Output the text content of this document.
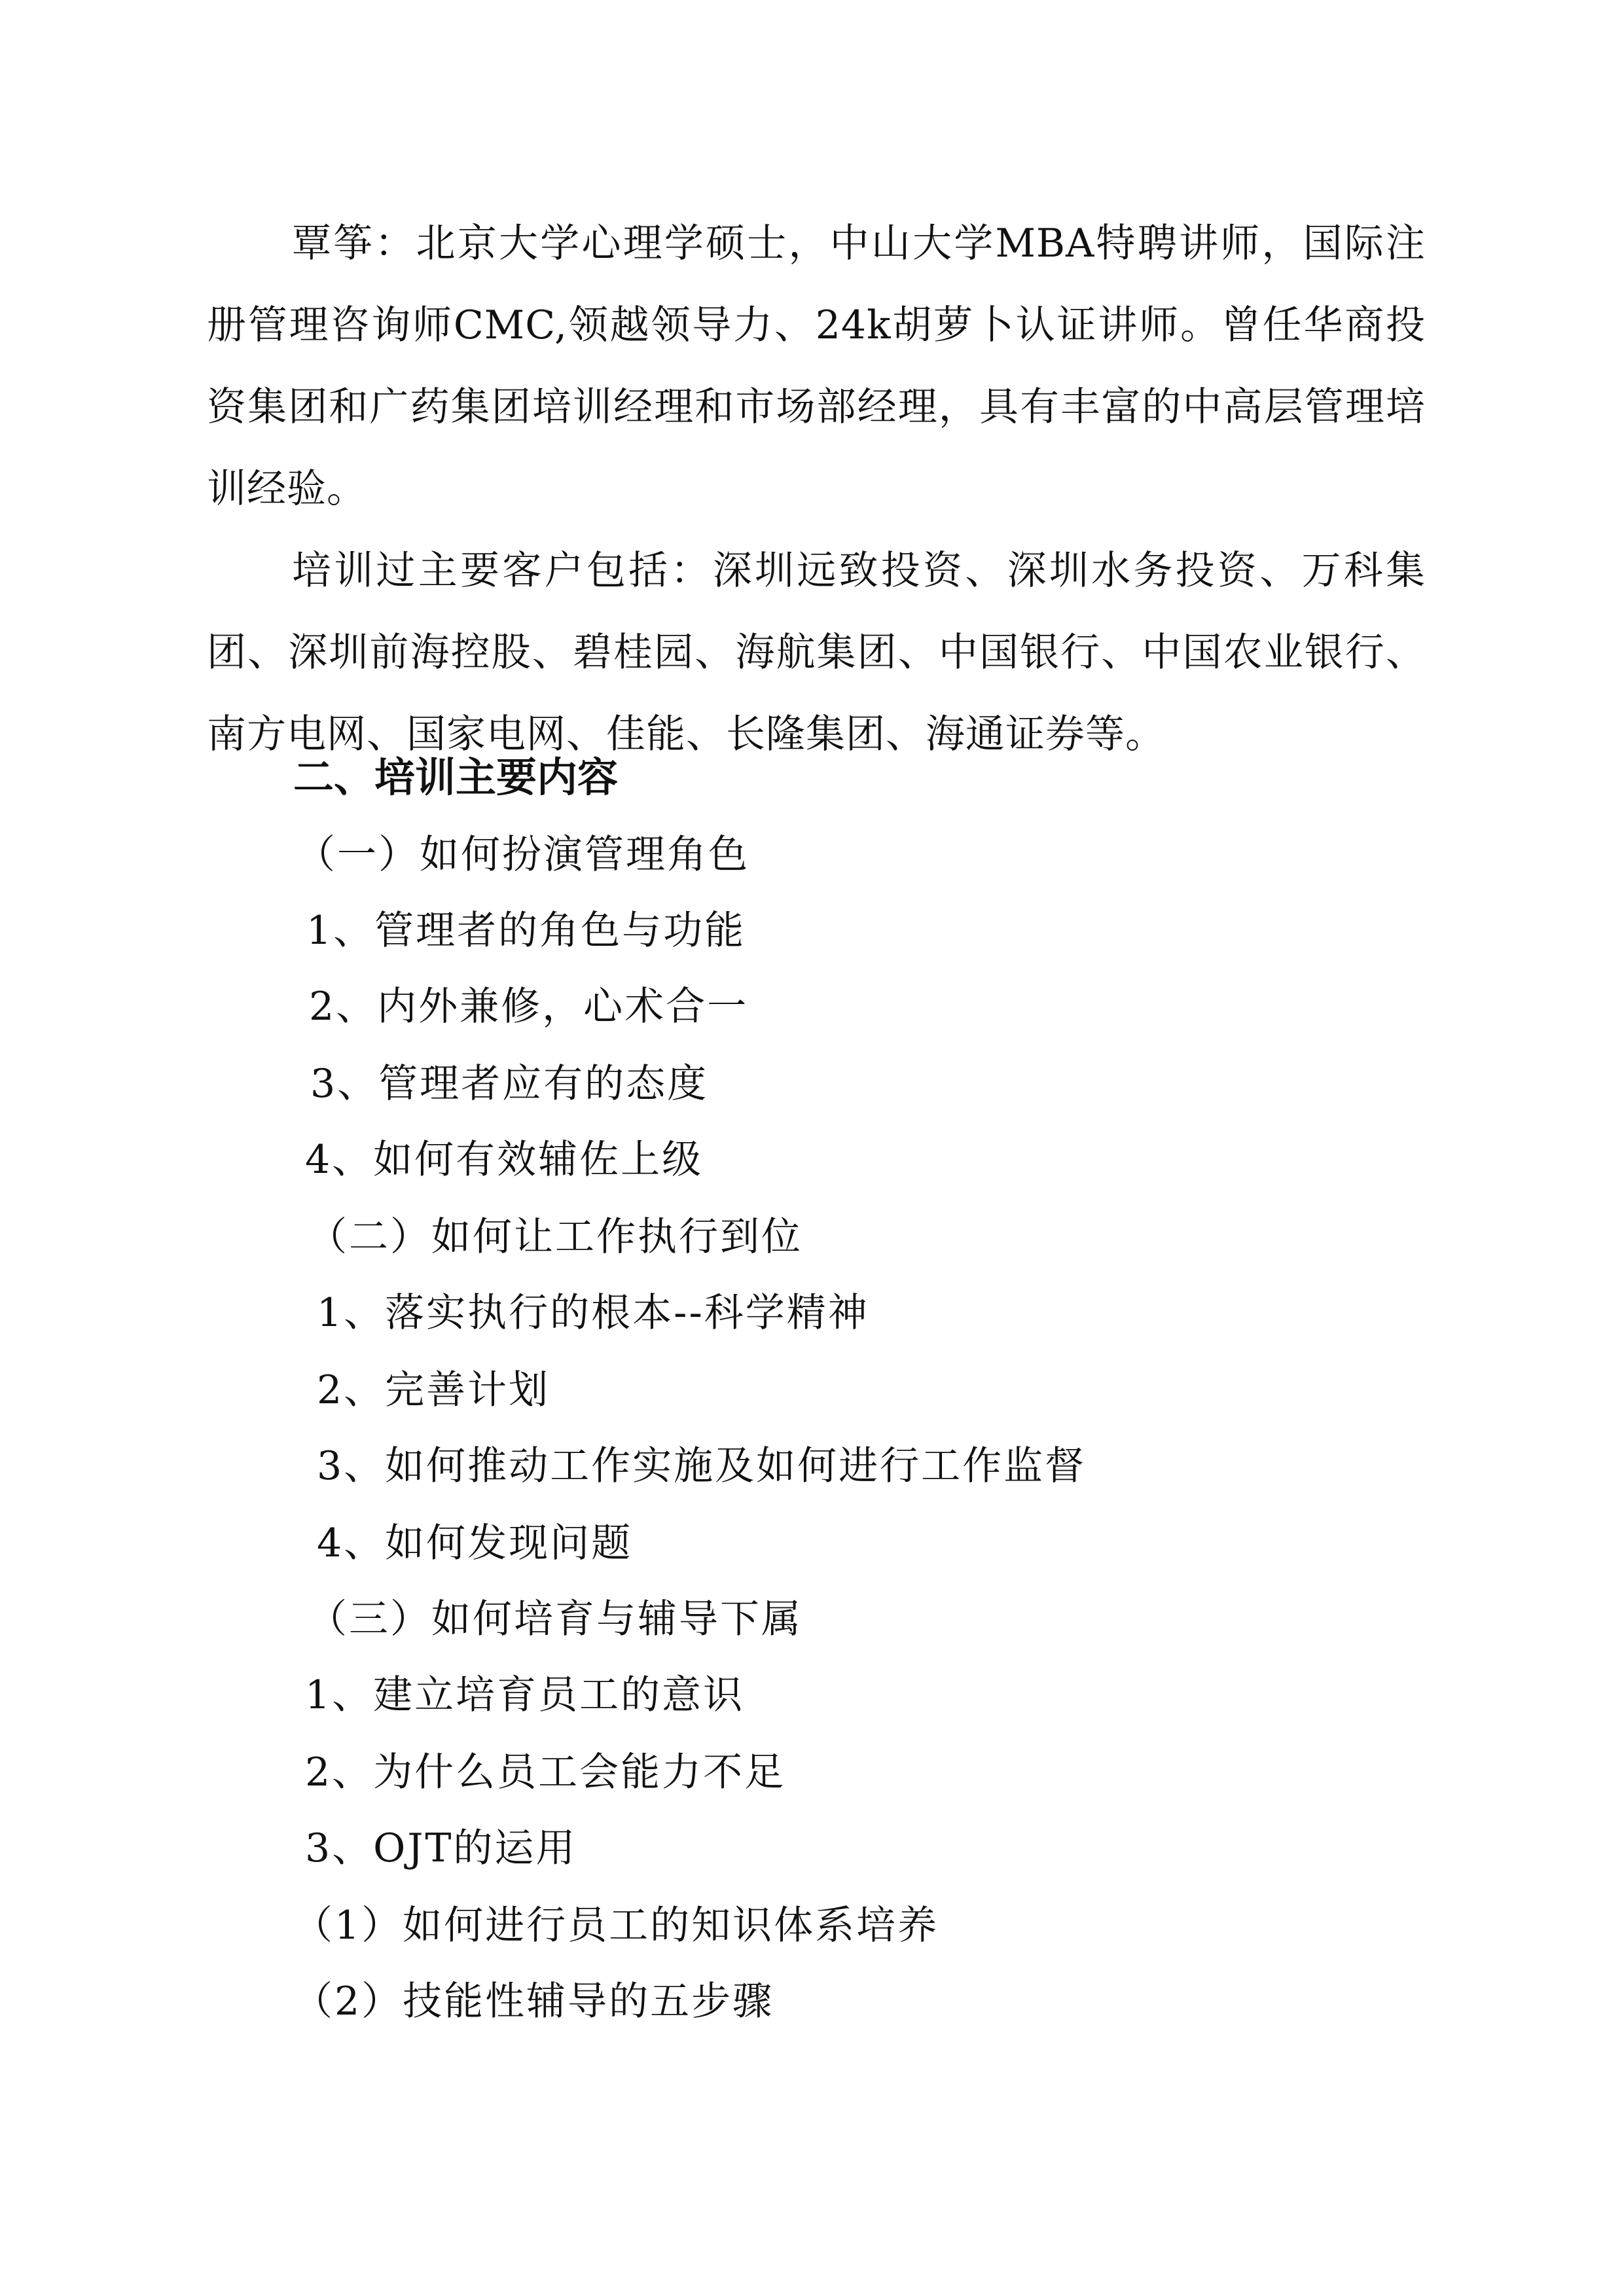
覃筝：北京大学心理学硕士，中山大学MBA特聘讲师，国际注册管理咨询师CMC,领越领导力、24k胡萝卜认证讲师。曾任华商投资集团和广药集团培训经理和市场部经理，具有丰富的中高层管理培训经验。

培训过主要客户包括：深圳远致投资、深圳水务投资、万科集团、深圳前海控股、碧桂园、海航集团、中国银行、中国农业银行、南方电网、国家电网、佳能、长隆集团、海通证券等。

二、培训主要内容
（一）如何扮演管理角色
1、管理者的角色与功能
2、内外兼修，心术合一
3、管理者应有的态度
4、如何有效辅佐上级
（二）如何让工作执行到位
1、落实执行的根本--科学精神
2、完善计划
3、如何推动工作实施及如何进行工作监督
4、如何发现问题
（三）如何培育与辅导下属
1、建立培育员工的意识
2、为什么员工会能力不足
3、OJT的运用
（1）如何进行员工的知识体系培养
（2）技能性辅导的五步骤
